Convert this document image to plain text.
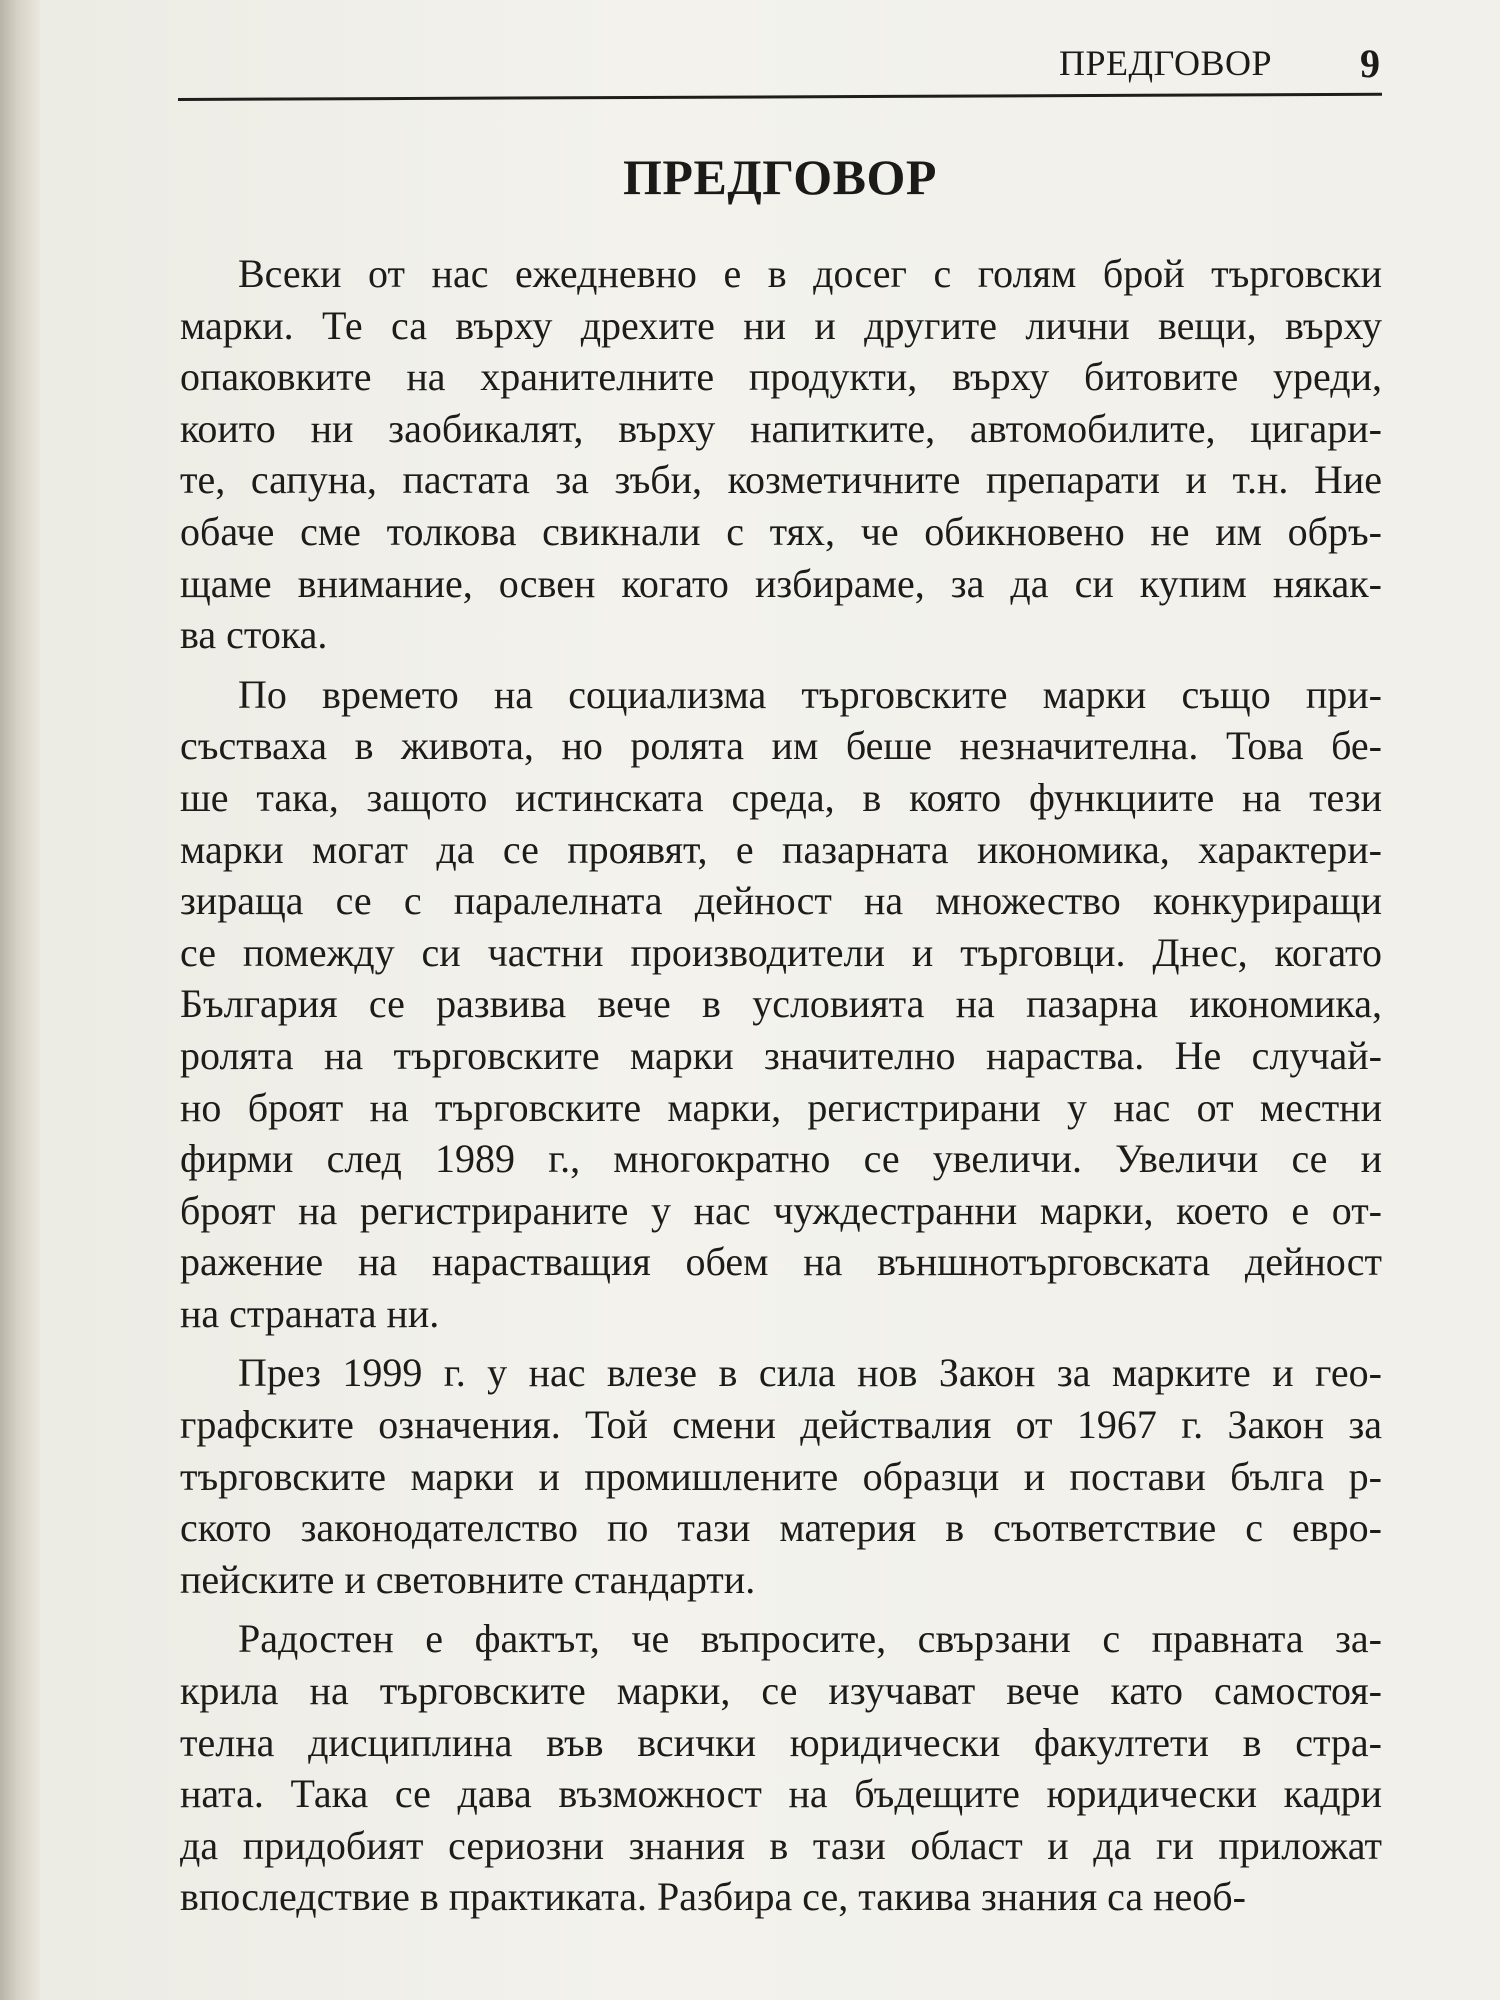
ПРЕДГОВОР 9
ПРЕДГОВОР
Всеки от нас ежедневно е в досег с голям брой търговски
марки. Те са върху дрехите ни и другите лични вещи, върху
опаковките на хранителните продукти, върху битовите уреди,
които ни заобикалят, върху напитките, автомобилите, цигари-
те, сапуна, пастата за зъби, козметичните препарати и т.н. Ние
обаче сме толкова свикнали с тях, че обикновено не им обръ-
щаме внимание, освен когато избираме, за да си купим някак-
ва стока.
По времето на социализма търговските марки също при-
състваха в живота, но ролята им беше незначителна. Това бе-
ше така, защото истинската среда, в която функциите на тези
марки могат да се проявят, е пазарната икономика, характери-
зираща се с паралелната дейност на множество конкуриращи
се помежду си частни производители и търговци. Днес, когато
България се развива вече в условията на пазарна икономика,
ролята на търговските марки значително нараства. Не случай-
но броят на търговските марки, регистрирани у нас от местни
фирми след 1989 г., многократно се увеличи. Увеличи се и
броят на регистрираните у нас чуждестранни марки, което е от-
ражение на нарастващия обем на външнотърговската дейност
на страната ни.
През 1999 г. у нас влезе в сила нов Закон за марките и гео-
графските означения. Той смени действалия от 1967 г. Закон за
търговските марки и промишлените образци и постави бълга р-
ското законодателство по тази материя в съответствие с евро-
пейските и световните стандарти.
Радостен е фактът, че въпросите, свързани с правната за-
крила на търговските марки, се изучават вече като самостоя-
телна дисциплина във всички юридически факултети в стра-
ната. Така се дава възможност на бъдещите юридически кадри
да придобият сериозни знания в тази област и да ги приложат
впоследствие в практиката. Разбира се, такива знания са необ-
